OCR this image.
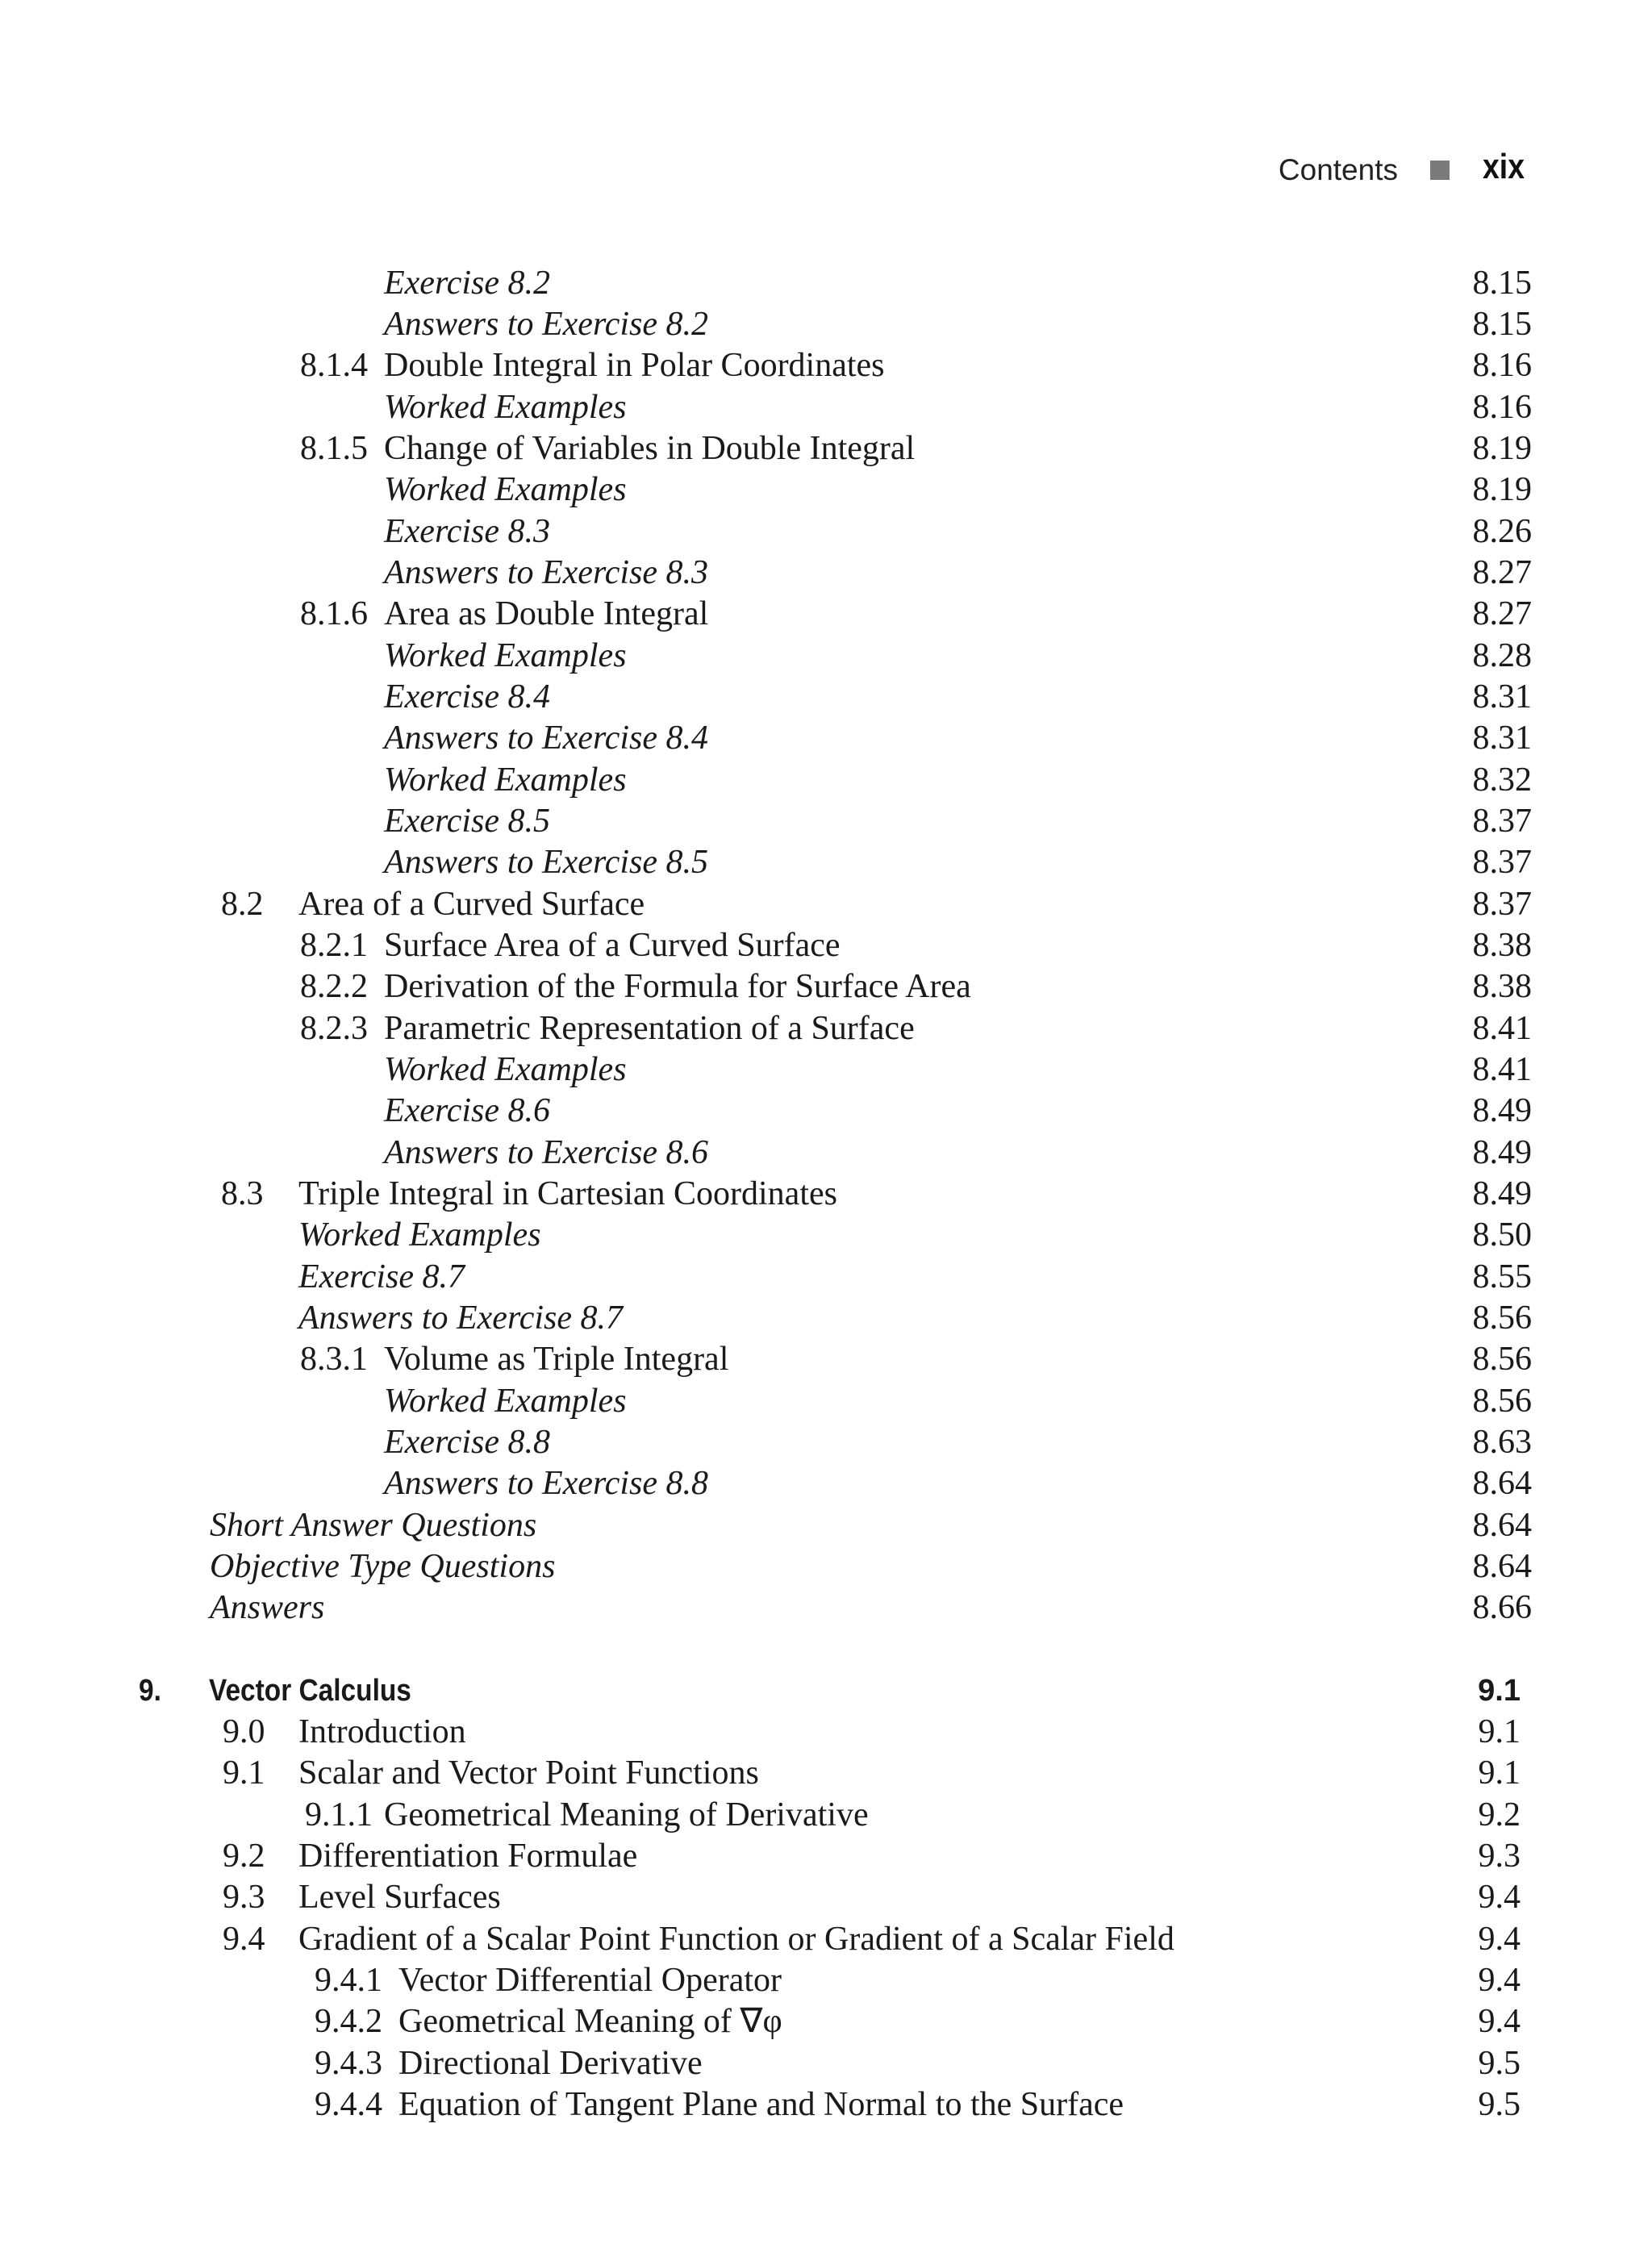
Contents xix
Exercise 8.2	8.15
Answers to Exercise 8.2	8.15
8.1.4 Double Integral in Polar Coordinates	8.16
Worked Examples	8.16
8.1.5 Change of Variables in Double Integral	8.19
Worked Examples	8.19
Exercise 8.3	8.26
Answers to Exercise 8.3	8.27
8.1.6 Area as Double Integral	8.27
Worked Examples	8.28
Exercise 8.4	8.31
Answers to Exercise 8.4	8.31
Worked Examples	8.32
Exercise 8.5	8.37
Answers to Exercise 8.5	8.37
8.2 Area of a Curved Surface	8.37
8.2.1 Surface Area of a Curved Surface	8.38
8.2.2 Derivation of the Formula for Surface Area	8.38
8.2.3 Parametric Representation of a Surface	8.41
Worked Examples	8.41
Exercise 8.6	8.49
Answers to Exercise 8.6	8.49
8.3 Triple Integral in Cartesian Coordinates	8.49
Worked Examples	8.50
Exercise 8.7	8.55
Answers to Exercise 8.7	8.56
8.3.1 Volume as Triple Integral	8.56
Worked Examples	8.56
Exercise 8.8	8.63
Answers to Exercise 8.8	8.64
Short Answer Questions	8.64
Objective Type Questions	8.64
Answers	8.66
9. Vector Calculus	9.1
9.0 Introduction	9.1
9.1 Scalar and Vector Point Functions	9.1
9.1.1 Geometrical Meaning of Derivative	9.2
9.2 Differentiation Formulae	9.3
9.3 Level Surfaces	9.4
9.4 Gradient of a Scalar Point Function or Gradient of a Scalar Field	9.4
9.4.1 Vector Differential Operator	9.4
9.4.2 Geometrical Meaning of ∇φ	9.4
9.4.3 Directional Derivative	9.5
9.4.4 Equation of Tangent Plane and Normal to the Surface	9.5
